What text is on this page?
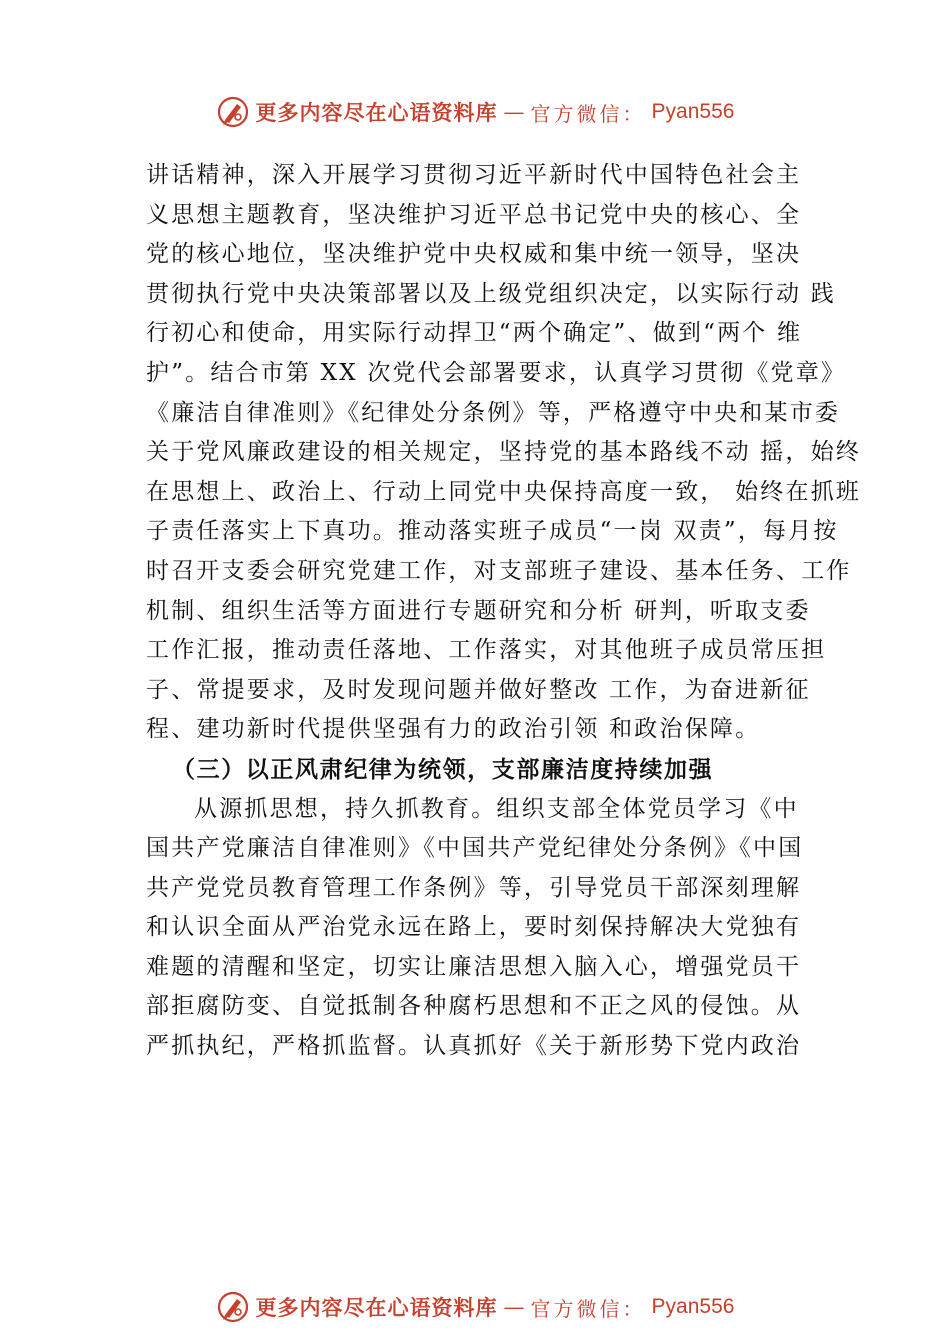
更多内容尽在心语资料库 — 官方微信： Pyan556
讲话精神，深入开展学习贯彻习近平新时代中国特色社会主
义思想主题教育，坚决维护习近平总书记党中央的核心、全
党的核心地位，坚决维护党中央权威和集中统一领导，坚决
贯彻执行党中央决策部署以及上级党组织决定，以实际行动 践
行初心和使命，用实际行动捍卫“两个确定”、做到“两个 维
护”。结合市第 XX 次党代会部署要求，认真学习贯彻《党章》
《廉洁自律准则》《纪律处分条例》等，严格遵守中央和某市委
关于党风廉政建设的相关规定，坚持党的基本路线不动 摇，始终
在思想上、政治上、行动上同党中央保持高度一致， 始终在抓班
子责任落实上下真功。推动落实班子成员“一岗 双责”，每月按
时召开支委会研究党建工作，对支部班子建设、基本任务、工作
机制、组织生活等方面进行专题研究和分析 研判，听取支委
工作汇报，推动责任落地、工作落实，对其他班子成员常压担
子、常提要求，及时发现问题并做好整改 工作，为奋进新征
程、建功新时代提供坚强有力的政治引领 和政治保障。
（三）以正风肃纪律为统领，支部廉洁度持续加强
从源抓思想，持久抓教育。组织支部全体党员学习《中
国共产党廉洁自律准则》《中国共产党纪律处分条例》《中国
共产党党员教育管理工作条例》等，引导党员干部深刻理解
和认识全面从严治党永远在路上，要时刻保持解决大党独有
难题的清醒和坚定，切实让廉洁思想入脑入心，增强党员干
部拒腐防变、自觉抵制各种腐朽思想和不正之风的侵蚀。从
严抓执纪，严格抓监督。认真抓好《关于新形势下党内政治
更多内容尽在心语资料库 — 官方微信： Pyan556
